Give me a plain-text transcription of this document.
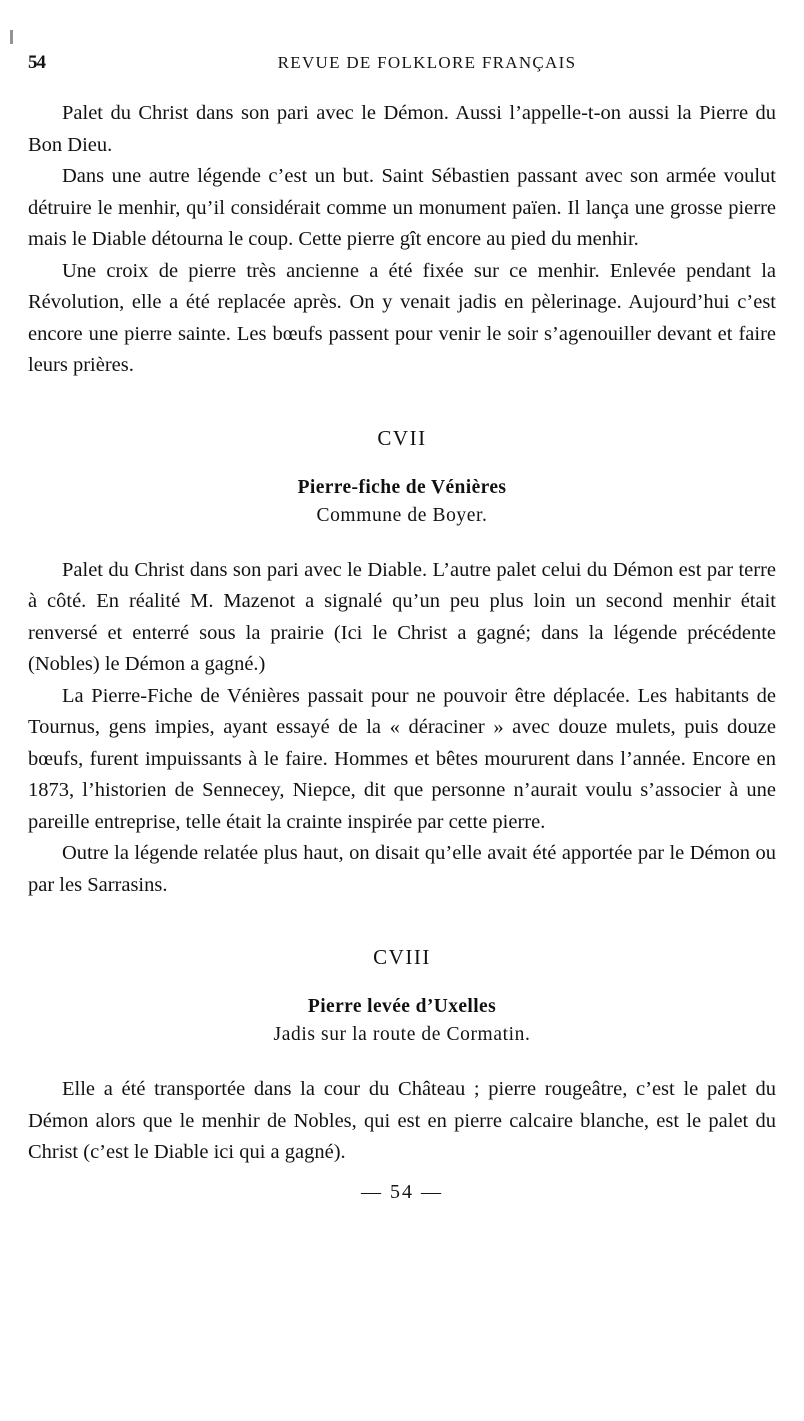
54	REVUE DE FOLKLORE FRANÇAIS

Palet du Christ dans son pari avec le Démon. Aussi l’appelle-t-on aussi la Pierre du Bon Dieu.

Dans une autre légende c’est un but. Saint Sébastien passant avec son armée voulut détruire le menhir, qu’il considérait comme un monument païen. Il lança une grosse pierre mais le Diable détourna le coup. Cette pierre gît encore au pied du menhir.

Une croix de pierre très ancienne a été fixée sur ce menhir. Enlevée pendant la Révolution, elle a été replacée après. On y venait jadis en pèlerinage. Aujourd’hui c’est encore une pierre sainte. Les bœufs passent pour venir le soir s’agenouiller devant et faire leurs prières.

CVII
Pierre-fiche de Vénières
Commune de Boyer.

Palet du Christ dans son pari avec le Diable. L’autre palet celui du Démon est par terre à côté. En réalité M. Mazenot a signalé qu’un peu plus loin un second menhir était renversé et enterré sous la prairie (Ici le Christ a gagné; dans la légende précédente (Nobles) le Démon a gagné.)

La Pierre-Fiche de Vénières passait pour ne pouvoir être déplacée. Les habitants de Tournus, gens impies, ayant essayé de la « déraciner » avec douze mulets, puis douze bœufs, furent impuissants à le faire. Hommes et bêtes moururent dans l’année. Encore en 1873, l’historien de Sennecey, Niepce, dit que personne n’aurait voulu s’associer à une pareille entreprise, telle était la crainte inspirée par cette pierre.

Outre la légende relatée plus haut, on disait qu’elle avait été apportée par le Démon ou par les Sarrasins.

CVIII
Pierre levée d’Uxelles
Jadis sur la route de Cormatin.

Elle a été transportée dans la cour du Château ; pierre rougeâtre, c’est le palet du Démon alors que le menhir de Nobles, qui est en pierre calcaire blanche, est le palet du Christ (c’est le Diable ici qui a gagné).

— 54 —
